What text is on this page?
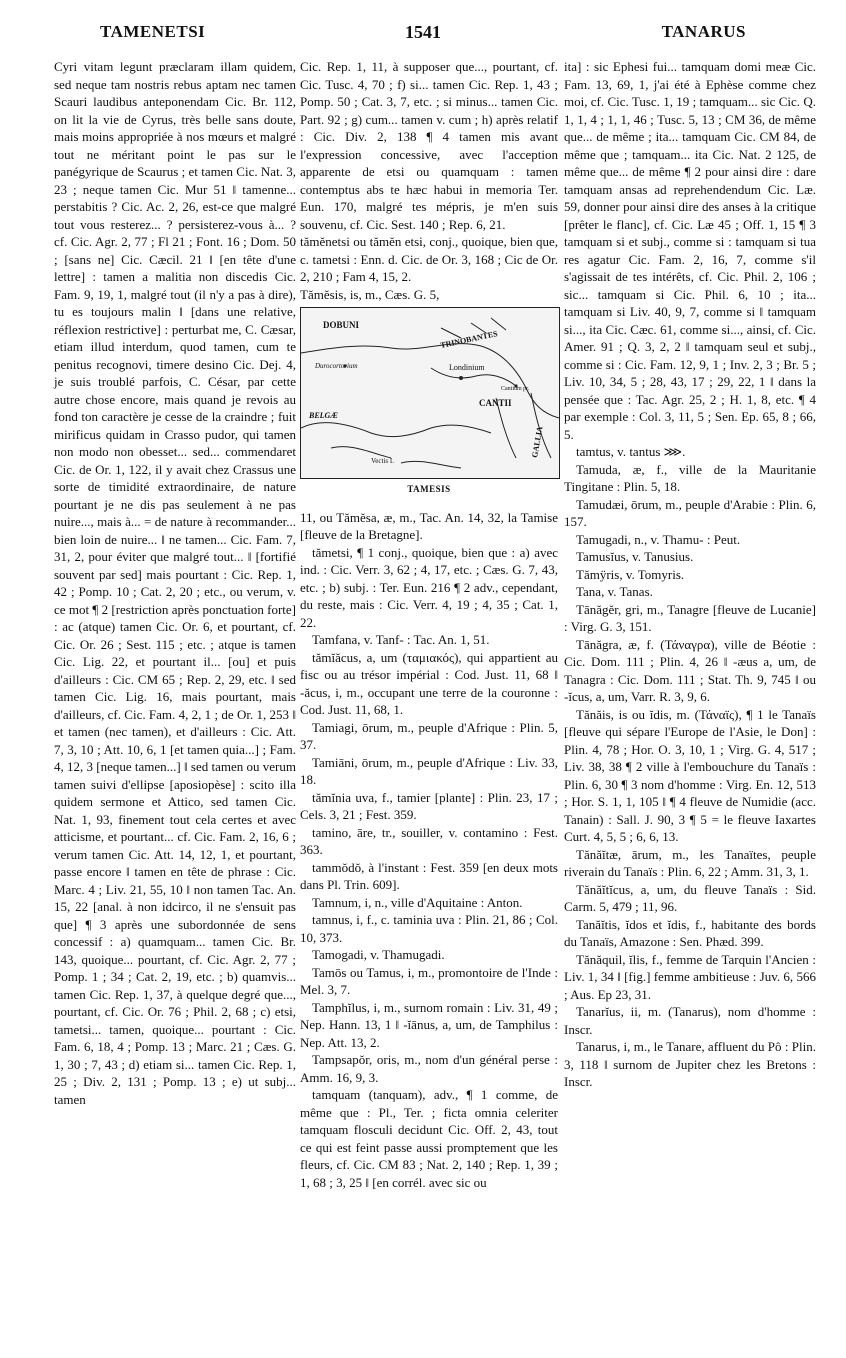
TAMENETSI	1541	TANARUS

Cyri vitam legunt præclaram illam quidem, sed neque tam nostris rebus aptam nec tamen Scauri laudibus anteponendam Cic. Br. 112, on lit la vie de Cyrus, très belle sans doute, mais moins appropriée à nos mœurs et malgré tout ne méritant point le pas sur le panégyrique de Scaurus ; et tamen Cic. Nat. 3, 23 ; neque tamen Cic. Mur 51 ‖ tamenne... perstabitis ? Cic. Ac. 2, 26, est-ce que malgré tout vous resterez... ? persisterez-vous à... ? cf. Cic. Agr. 2, 77 ; Fl 21 ; Font. 16 ; Dom. 50 ; [sans ne] Cic. Cæcil. 21 ‖ [en tête d'une lettre] : tamen a malitia non discedis Cic. Fam. 9, 19, 1, malgré tout (il n'y a pas à dire), tu es toujours malin ‖ [dans une relative, réflexion restrictive] : perturbat me, C. Cæsar, etiam illud interdum, quod tamen, cum te penitus recognovi, timere desino Cic. Dej. 4, je suis troublé parfois, C. César, par cette autre chose encore, mais quand je revois au fond ton caractère je cesse de la craindre ; fuit mirificus quidam in Crasso pudor, qui tamen non modo non obesset... sed... commendaret Cic. de Or. 1, 122, il y avait chez Crassus une sorte de timidité extraordinaire, de nature pourtant je ne dis pas seulement à ne pas nuire..., mais à... = de nature à recommander... bien loin de nuire... ‖ ne tamen... Cic. Fam. 7, 31, 2, pour éviter que malgré tout... ‖ [fortifié souvent par sed] mais pourtant : Cic. Rep. 1, 42 ; Pomp. 10 ; Cat. 2, 20 ; etc., ou verum, v. ce mot ¶ 2 [restriction après ponctuation forte] : ac (atque) tamen Cic. Or. 6, et pourtant, cf. Cic. Or. 26 ; Sest. 115 ; etc. ; atque is tamen Cic. Lig. 22, et pourtant il... [ou] et puis d'ailleurs : Cic. CM 65 ; Rep. 2, 29, etc. ‖ sed tamen Cic. Lig. 16, mais pourtant, mais d'ailleurs, cf. Cic. Fam. 4, 2, 1 ; de Or. 1, 253 ‖ et tamen (nec tamen), et d'ailleurs : Cic. Att. 7, 3, 10 ; Att. 10, 6, 1 [et tamen quia...] ; Fam. 4, 12, 3 [neque tamen...] ‖ sed tamen ou verum tamen suivi d'ellipse [aposiopèse] : scito illa quidem sermone et Attico, sed tamen Cic. Nat. 1, 93, finement tout cela certes et avec atticisme, et pourtant... cf. Cic. Fam. 2, 16, 6 ; verum tamen Cic. Att. 14, 12, 1, et pourtant, passe encore ‖ tamen en tête de phrase : Cic. Marc. 4 ; Liv. 21, 55, 10 ‖ non tamen Tac. An. 15, 22 [anal. à non idcirco, il ne s'ensuit pas que] ¶ 3 après une subordonnée de sens concessif : a) quamquam... tamen Cic. Br. 143, quoique... pourtant, cf. Cic. Agr. 2, 77 ; Pomp. 1 ; 34 ; Cat. 2, 19, etc. ; b) quamvis... tamen Cic. Rep. 1, 37, à quelque degré que..., pourtant, cf. Cic. Or. 76 ; Phil. 2, 68 ; c) etsi, tametsi... tamen, quoique... pourtant : Cic. Fam. 6, 18, 4 ; Pomp. 13 ; Marc. 21 ; Cæs. G. 1, 30 ; 7, 43 ; d) etiam si... tamen Cic. Rep. 1, 25 ; Div. 2, 131 ; Pomp. 13 ; e) ut subj... tamen

Cic. Rep. 1, 11, à supposer que..., pourtant, cf. Cic. Tusc. 4, 70 ; f) si... tamen Cic. Rep. 1, 43 ; Pomp. 50 ; Cat. 3, 7, etc. ; si minus... tamen Cic. Part. 92 ; g) cum... tamen v. cum ; h) après relatif : Cic. Div. 2, 138 ¶ 4 tamen mis avant l'expression concessive, avec l'acception apparente de etsi ou quamquam : tamen contemptus abs te hæc habui in memoria Ter. Eun. 170, malgré tes mépris, je m'en suis souvenu, cf. Cic. Sest. 140 ; Rep. 6, 21.

tămĕnetsi ou tămĕn etsi, conj., quoique, bien que, c. tametsi : Enn. d. Cic. de Or. 3, 168 ; Cic de Or. 2, 210 ; Fam 4, 15, 2.

Tămĕsis, is, m., Cæs. G. 5,

DOBUNI
Durocortorium
TRINOBANTES
Londinium
BELGÆ
CANTII
Cantium pr.
Vectis I.
GALLIA
TAMESIS

11, ou Tămĕsa, æ, m., Tac. An. 14, 32, la Tamise [fleuve de la Bretagne].

tămetsi, ¶ 1 conj., quoique, bien que : a) avec ind. : Cic. Verr. 3, 62 ; 4, 17, etc. ; Cæs. G. 7, 43, etc. ; b) subj. : Ter. Eun. 216 ¶ 2 adv., cependant, du reste, mais : Cic. Verr. 4, 19 ; 4, 35 ; Cat. 1, 22.

Tamfana, v. Tanf- : Tac. An. 1, 51.

tămĭăcus, a, um (ταμιακός), qui appartient au fisc ou au trésor impérial : Cod. Just. 11, 68 ‖ -ăcus, i, m., occupant une terre de la couronne : Cod. Just. 11, 68, 1.

Tamiagi, ōrum, m., peuple d'Afrique : Plin. 5, 37.

Tamiāni, ōrum, m., peuple d'Afrique : Liv. 33, 18.

tămĭnia uva, f., tamier [plante] : Plin. 23, 17 ; Cels. 3, 21 ; Fest. 359.

tamino, āre, tr., souiller, v. contamino : Fest. 363.

tammŏdŏ, à l'instant : Fest. 359 [en deux mots dans Pl. Trin. 609].

Tamnum, i, n., ville d'Aquitaine : Anton.

tamnus, i, f., c. taminia uva : Plin. 21, 86 ; Col. 10, 373.

Tamogadi, v. Thamugadi.

Tamōs ou Tamus, i, m., promontoire de l'Inde : Mel. 3, 7.

Tamphĭlus, i, m., surnom romain : Liv. 31, 49 ; Nep. Hann. 13, 1 ‖ -ĭānus, a, um, de Tamphilus : Nep. Att. 13, 2.

Tampsapŏr, oris, m., nom d'un général perse : Amm. 16, 9, 3.

tamquam (tanquam), adv., ¶ 1 comme, de même que : Pl., Ter. ; ficta omnia celeriter tamquam flosculi decidunt Cic. Off. 2, 43, tout ce qui est feint passe aussi promptement que les fleurs, cf. Cic. CM 83 ; Nat. 2, 140 ; Rep. 1, 39 ; 1, 68 ; 3, 25 ‖ [en corrél. avec sic ou

ita] : sic Ephesi fui... tamquam domi meæ Cic. Fam. 13, 69, 1, j'ai été à Ephèse comme chez moi, cf. Cic. Tusc. 1, 19 ; tamquam... sic Cic. Q. 1, 1, 4 ; 1, 1, 46 ; Tusc. 5, 13 ; CM 36, de même que... de même ; ita... tamquam Cic. CM 84, de même que ; tamquam... ita Cic. Nat. 2 125, de même que... de même ¶ 2 pour ainsi dire : dare tamquam ansas ad reprehendendum Cic. Læ. 59, donner pour ainsi dire des anses à la critique [prêter le flanc], cf. Cic. Læ 45 ; Off. 1, 15 ¶ 3 tamquam si et subj., comme si : tamquam si tua res agatur Cic. Fam. 2, 16, 7, comme s'il s'agissait de tes intérêts, cf. Cic. Phil. 2, 106 ; sic... tamquam si Cic. Phil. 6, 10 ; ita... tamquam si Liv. 40, 9, 7, comme si ‖ tamquam si..., ita Cic. Cæc. 61, comme si..., ainsi, cf. Cic. Amer. 91 ; Q. 3, 2, 2 ‖ tamquam seul et subj., comme si : Cic. Fam. 12, 9, 1 ; Inv. 2, 3 ; Br. 5 ; Liv. 10, 34, 5 ; 28, 43, 17 ; 29, 22, 1 ‖ dans la pensée que : Tac. Agr. 25, 2 ; H. 1, 8, etc. ¶ 4 par exemple : Col. 3, 11, 5 ; Sen. Ep. 65, 8 ; 66, 5.

tamtus, v. tantus ⋙.

Tamuda, æ, f., ville de la Mauritanie Tingitane : Plin. 5, 18.

Tamudæi, ōrum, m., peuple d'Arabie : Plin. 6, 157.

Tamugadi, n., v. Thamu- : Peut.

Tamusĭus, v. Tanusius.

Tămÿris, v. Tomyris.

Tana, v. Tanas.

Tānăgĕr, gri, m., Tanagre [fleuve de Lucanie] : Virg. G. 3, 151.

Tānăgra, æ, f. (Τάναγρα), ville de Béotie : Cic. Dom. 111 ; Plin. 4, 26 ‖ -æus a, um, de Tanagra : Cic. Dom. 111 ; Stat. Th. 9, 745 ‖ ou -ĭcus, a, um, Varr. R. 3, 9, 6.

Tănăis, is ou ĭdis, m. (Τάναϊς), ¶ 1 le Tanaïs [fleuve qui sépare l'Europe de l'Asie, le Don] : Plin. 4, 78 ; Hor. O. 3, 10, 1 ; Virg. G. 4, 517 ; Liv. 38, 38 ¶ 2 ville à l'embouchure du Tanaïs : Plin. 6, 30 ¶ 3 nom d'homme : Virg. En. 12, 513 ; Hor. S. 1, 1, 105 ‖ ¶ 4 fleuve de Numidie (acc. Tanain) : Sall. J. 90, 3 ¶ 5 = le fleuve Iaxartes Curt. 4, 5, 5 ; 6, 6, 13.

Tănăĭtæ, ārum, m., les Tanaïtes, peuple riverain du Tanaïs : Plin. 6, 22 ; Amm. 31, 3, 1.

Tănăĭtĭcus, a, um, du fleuve Tanaïs : Sid. Carm. 5, 479 ; 11, 96.

Tanăĭtis, ĭdos et ĭdis, f., habitante des bords du Tanaïs, Amazone : Sen. Phæd. 399.

Tănăquil, ĭlis, f., femme de Tarquin l'Ancien : Liv. 1, 34 ‖ [fig.] femme ambitieuse : Juv. 6, 566 ; Aus. Ep 23, 31.

Tanarĭus, ii, m. (Tanarus), nom d'homme : Inscr.

Tanarus, i, m., le Tanare, affluent du Pô : Plin. 3, 118 ‖ surnom de Jupiter chez les Bretons : Inscr.
